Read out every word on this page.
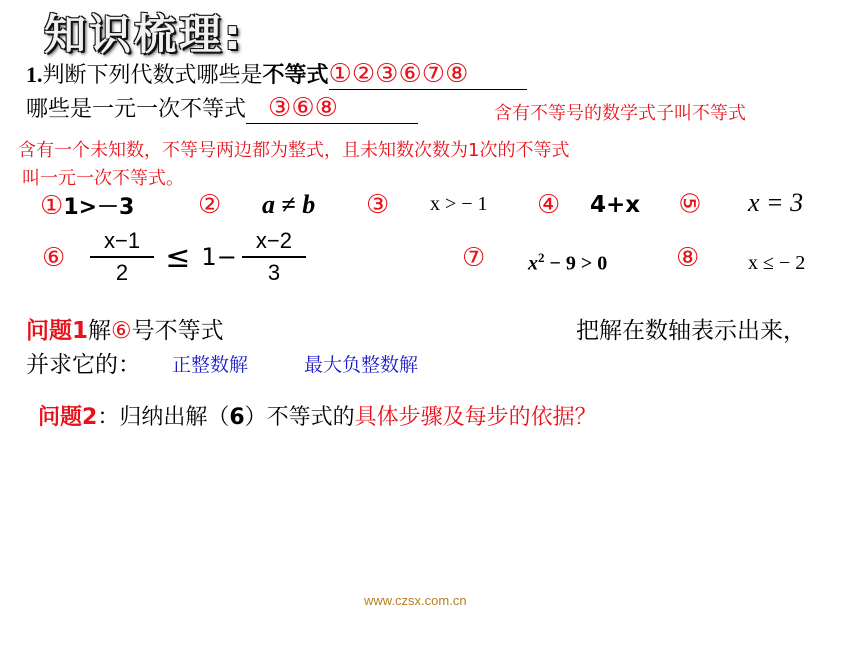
知识梳理:
1.判断下列代数式哪些是不等式①②③⑥⑦⑧
哪些是一元一次不等式 ③⑥⑧	含有不等号的数学式子叫不等式
含有一个未知数，不等号两边都为整式，且未知数次数为1次的不等式
叫一元一次不等式。
①1>－3 ② a ≠ b ③ x > − 1 ④ 4+x ⑤ x = 3
⑥ $\frac{x-1}{2} \le 1- \frac{x-2}{3}$	⑦ $x^2 - 9 > 0$	⑧ x ≤ − 2
问题1解⑥号不等式	把解在数轴表示出来，
并求它的： 正整数解	最大负整数解
问题2：归纳出解（6）不等式的具体步骤及每步的依据？
www.czsx.com.cn
